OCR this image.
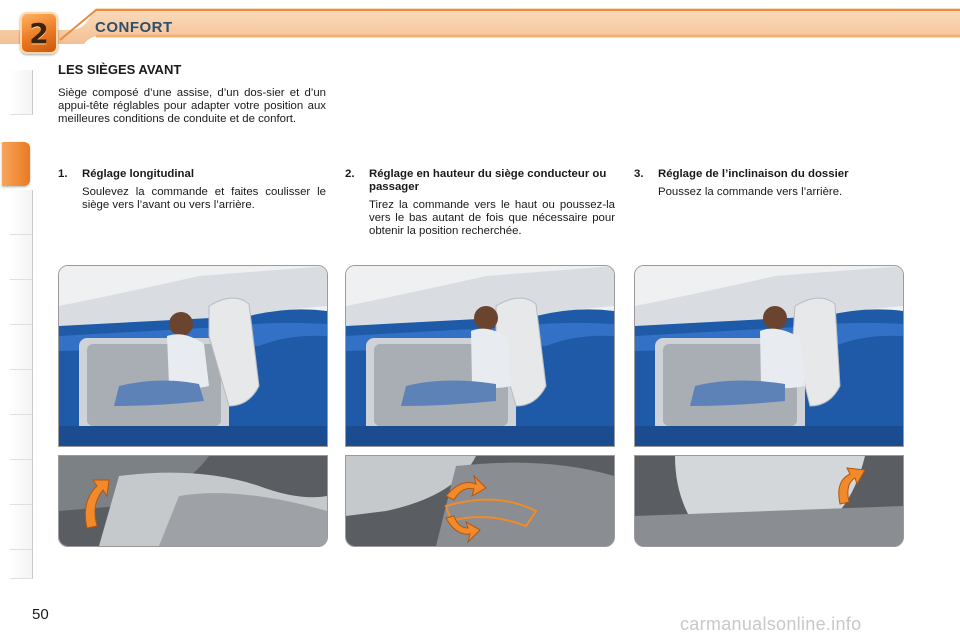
2	CONFORT
LES SIÈGES AVANT

Siège composé d’une assise, d’un dos-sier et d’un appui-tête réglables pour adapter votre position aux meilleures conditions de conduite et de confort.

1.	Réglage longitudinal
Soulevez la commande et faites coulisser le siège vers l’avant ou vers l’arrière.
2.	Réglage en hauteur du siège conducteur ou passager
Tirez la commande vers le haut ou poussez-la vers le bas autant de fois que nécessaire pour obtenir la position recherchée.
3.	Réglage de l’inclinaison du dossier
Poussez la commande vers l’arrière.
50	carmanualsonline.info
